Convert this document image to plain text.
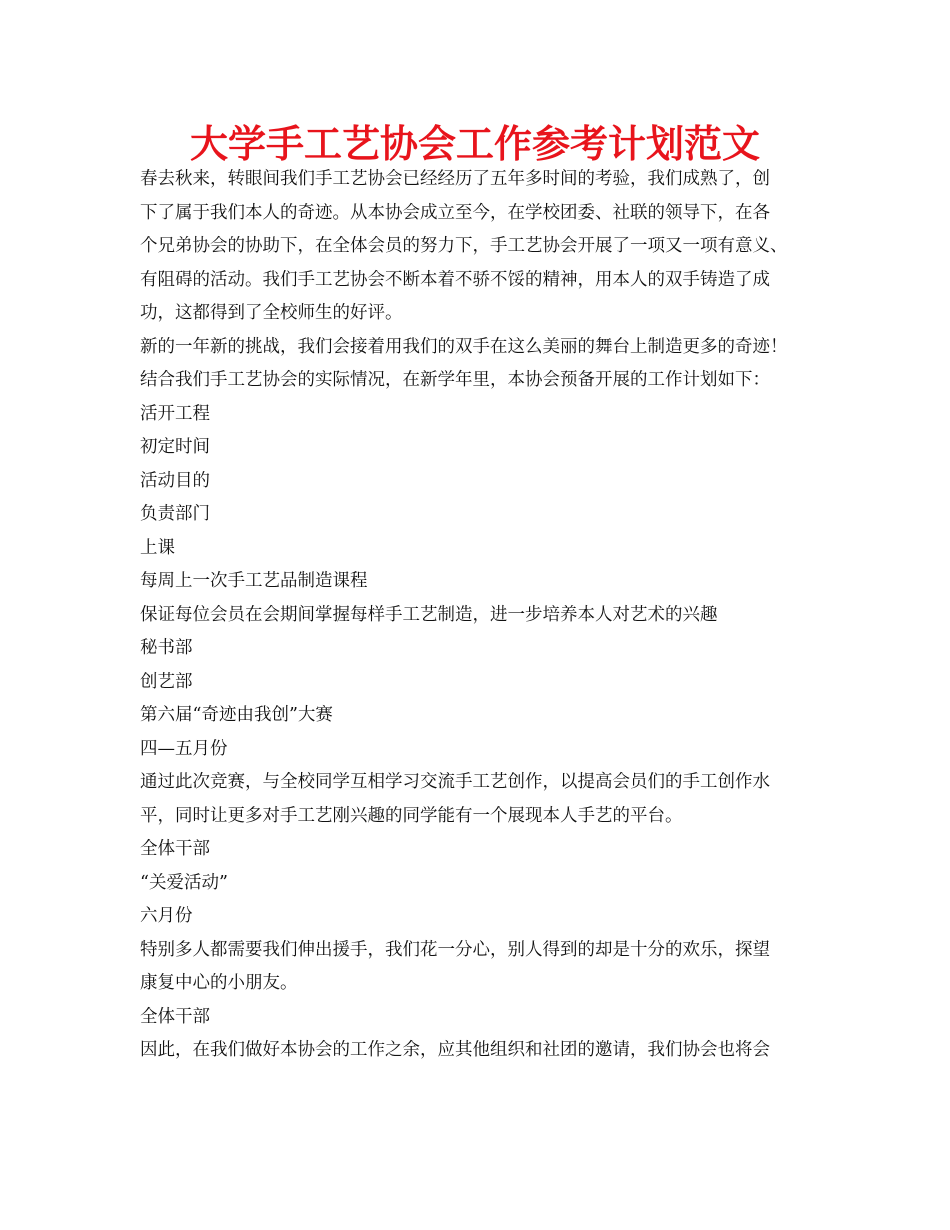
大学手工艺协会工作参考计划范文

春去秋来，转眼间我们手工艺协会已经经历了五年多时间的考验，我们成熟了，创

下了属于我们本人的奇迹。从本协会成立至今，在学校团委、社联的领导下，在各

个兄弟协会的协助下，在全体会员的努力下，手工艺协会开展了一项又一项有意义、

有阻碍的活动。我们手工艺协会不断本着不骄不馁的精神，用本人的双手铸造了成

功，这都得到了全校师生的好评。

新的一年新的挑战，我们会接着用我们的双手在这么美丽的舞台上制造更多的奇迹！

结合我们手工艺协会的实际情况，在新学年里，本协会预备开展的工作计划如下：

活开工程

初定时间

活动目的

负责部门

上课

每周上一次手工艺品制造课程

保证每位会员在会期间掌握每样手工艺制造，进一步培养本人对艺术的兴趣

秘书部

创艺部

第六届“奇迹由我创”大赛

四—五月份

通过此次竞赛，与全校同学互相学习交流手工艺创作，以提高会员们的手工创作水

平，同时让更多对手工艺刚兴趣的同学能有一个展现本人手艺的平台。

全体干部

“关爱活动”

六月份

特别多人都需要我们伸出援手，我们花一分心，别人得到的却是十分的欢乐，探望

康复中心的小朋友。

全体干部

因此，在我们做好本协会的工作之余，应其他组织和社团的邀请，我们协会也将会
